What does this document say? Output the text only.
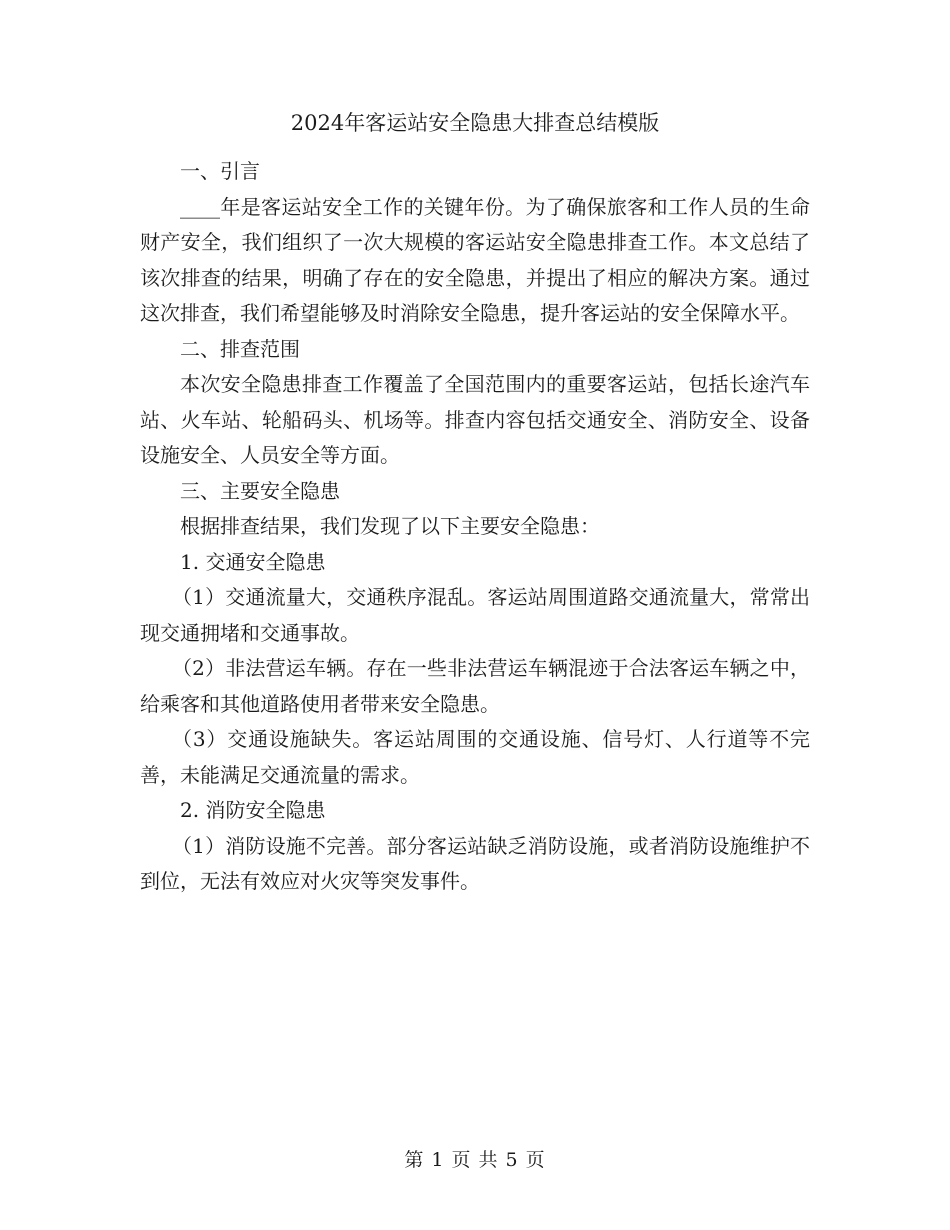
2024年客运站安全隐患大排查总结模版

一、引言

____年是客运站安全工作的关键年份。为了确保旅客和工作人员的生命财产安全，我们组织了一次大规模的客运站安全隐患排查工作。本文总结了该次排查的结果，明确了存在的安全隐患，并提出了相应的解决方案。通过这次排查，我们希望能够及时消除安全隐患，提升客运站的安全保障水平。

二、排查范围

本次安全隐患排查工作覆盖了全国范围内的重要客运站，包括长途汽车站、火车站、轮船码头、机场等。排查内容包括交通安全、消防安全、设备设施安全、人员安全等方面。

三、主要安全隐患

根据排查结果，我们发现了以下主要安全隐患：

1. 交通安全隐患

（1）交通流量大，交通秩序混乱。客运站周围道路交通流量大，常常出现交通拥堵和交通事故。

（2）非法营运车辆。存在一些非法营运车辆混迹于合法客运车辆之中，给乘客和其他道路使用者带来安全隐患。

（3）交通设施缺失。客运站周围的交通设施、信号灯、人行道等不完善，未能满足交通流量的需求。

2. 消防安全隐患

（1）消防设施不完善。部分客运站缺乏消防设施，或者消防设施维护不到位，无法有效应对火灾等突发事件。

第 1 页 共 5 页
